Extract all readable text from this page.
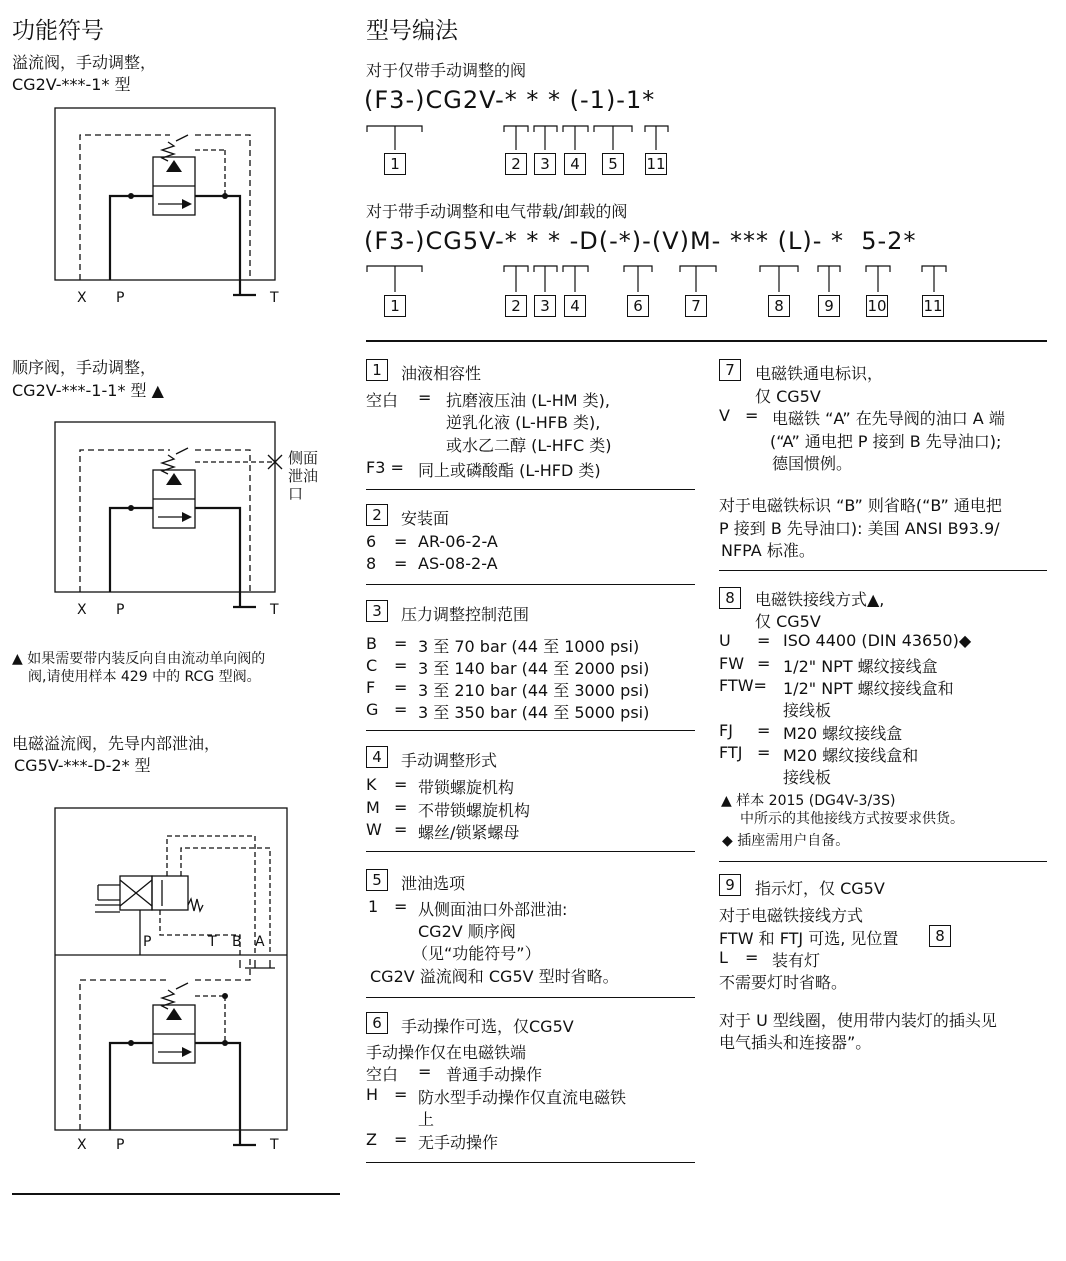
功能符号
溢流阀，手动调整，
CG2V-***-1* 型
X P	T
顺序阀，手动调整，
CG2V-***-1-1* 型 ▲
侧面
泄油
口
X P	T
▲ 如果需要带内装反向自由流动单向阀的
阀,请使用样本 429 中的 RCG 型阀。
电磁溢流阀，先导内部泄油，
CG5V-***-D-2* 型
P	T B A
X P	T
型号编法
对于仅带手动调整的阀
(F3-)CG2V-* * * (-1)-1*
1	2	3	4	5	11
对于带手动调整和电气带载/卸载的阀
(F3-)CG5V-* * * -D(-*)-(V)M- *** (L)- *  5-2*
1	2	3	4	6	7	8	9	10 11
1	油液相容性
空白 = 抗磨液压油 (L-HM 类),
逆乳化液 (L-HFB 类),
或水乙二醇 (L-HFC 类)
F3 = 同上或磷酸酯 (L-HFD 类)
2	安装面
6 = AR-06-2-A
8 = AS-08-2-A
3	压力调整控制范围
B = 3 至 70 bar (44 至 1000 psi)
C = 3 至 140 bar (44 至 2000 psi)
F = 3 至 210 bar (44 至 3000 psi)
G = 3 至 350 bar (44 至 5000 psi)
4	手动调整形式
K = 带锁螺旋机构
M = 不带锁螺旋机构
W = 螺丝/锁紧螺母
5	泄油选项
1 = 从侧面油口外部泄油:
CG2V 顺序阀
（见“功能符号”）
CG2V 溢流阀和 CG5V 型时省略。
6	手动操作可选，仅CG5V
手动操作仅在电磁铁端
空白 = 普通手动操作
H = 防水型手动操作仅直流电磁铁
上
Z = 无手动操作
7	电磁铁通电标识，
仅 CG5V
V = 电磁铁 “A” 在先导阀的油口 A 端
(“A” 通电把 P 接到 B 先导油口);
德国惯例。
对于电磁铁标识 “B” 则省略(“B” 通电把
P 接到 B 先导油口): 美国 ANSI B93.9/
NFPA 标准。
8	电磁铁接线方式▲,
仅 CG5V
U = ISO 4400 (DIN 43650)◆
FW = 1/2" NPT 螺纹接线盒
FTW= 1/2" NPT 螺纹接线盒和
接线板
FJ = M20 螺纹接线盒
FTJ = M20 螺纹接线盒和
接线板
▲ 样本 2015 (DG4V-3/3S)
中所示的其他接线方式按要求供货。
◆ 插座需用户自备。
9	指示灯，仅 CG5V
对于电磁铁接线方式
FTW 和 FTJ 可选, 见位置	8
L = 装有灯
不需要灯时省略。
对于 U 型线圈，使用带内装灯的插头见
电气插头和连接器”。
